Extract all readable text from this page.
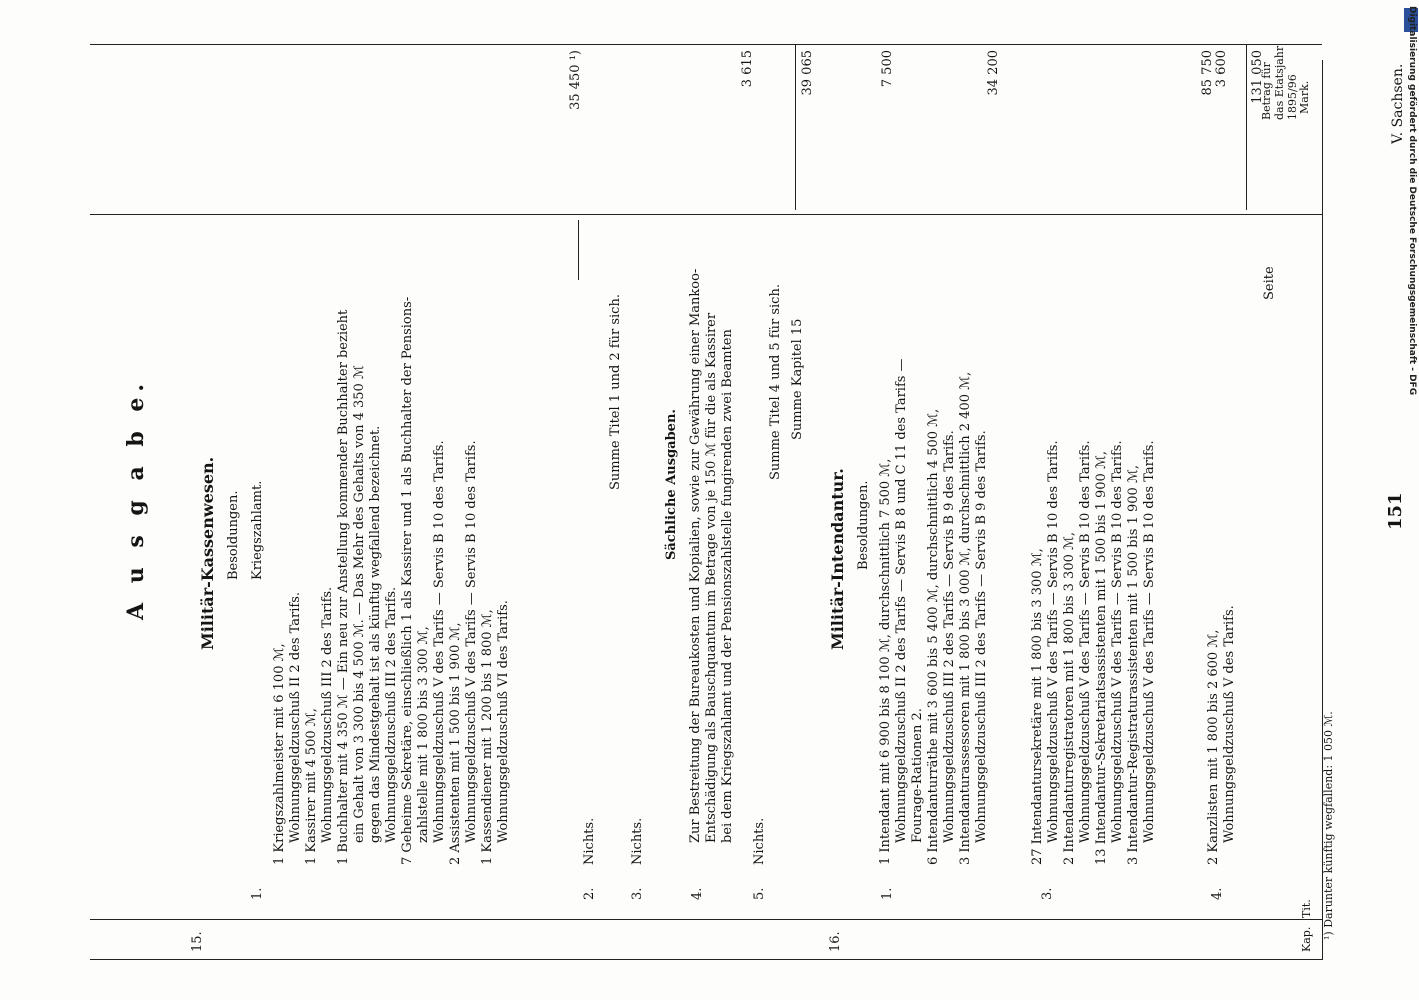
151
V. Sachsen.
Kap.
Tit.
Betrag für das Etatsjahr 1895/96 Mark.
A u s g a b e.
15.
Militär-Kassenwesen. Besoldungen. Kriegszahlamt.
1.
1 Kriegszahlmeister mit 6 100 ℳ, Wohnungsgeldzuschuß II 2 des Tarifs. 1 Kassirer mit 4 500 ℳ, Wohnungsgeldzuschuß III 2 des Tarifs. 1 Buchhalter mit 4 350 ℳ — Ein neu zur Anstellung kommender Buchhalter bezieht ein Gehalt von 3 300 bis 4 500 ℳ. — Das Mehr des Gehalts von 4 350 ℳ gegen das Mindestgehalt ist als künftig wegfallend bezeichnet. Wohnungsgeldzuschuß III 2 des Tarifs. 7 Geheime Sekretäre, einschließlich 1 als Kassirer und 1 als Buchhalter der Pensions- zahlstelle mit 1 800 bis 3 300 ℳ, Wohnungsgeldzuschuß V des Tarifs — Servis B 10 des Tarifs. 2 Assistenten mit 1 500 bis 1 900 ℳ, Wohnungsgeldzuschuß V des Tarifs — Servis B 10 des Tarifs. 1 Kassendiener mit 1 200 bis 1 800 ℳ, Wohnungsgeldzuschuß VI des Tarifs.
35 450 ¹)
2.
Nichts.
Summe Titel 1 und 2 für sich.
3.
Nichts.
Sächliche Ausgaben.
4.
Zur Bestreitung der Bureaukosten und Kopialien, sowie zur Gewährung einer Mankoo- Entschädigung als Bauschquantum im Betrage von je 150 ℳ für die als Kassirer bei dem Kriegszahlamt und der Pensionszahlstelle fungirenden zwei Beamten
3 615
5.
Nichts.
Summe Titel 4 und 5 für sich. Summe Kapitel 15
39 065
16.
Militär-Intendantur. Besoldungen.
1.
1 Intendant mit 6 900 bis 8 100 ℳ, durchschnittlich 7 500 ℳ, Wohnungsgeldzuschuß II 2 des Tarifs — Servis B 8 und C 11 des Tarifs — Fourage-Rationen 2. 6 Intendanturräthe mit 3 600 bis 5 400 ℳ, durchschnittlich 4 500 ℳ, Wohnungsgeldzuschuß III 2 des Tarifs — Servis B 9 des Tarifs. 3 Intendanturassessoren mit 1 800 bis 3 000 ℳ, durchschnittlich 2 400 ℳ, Wohnungsgeldzuschuß III 2 des Tarifs — Servis B 9 des Tarifs.
7 500	34 200
3.
27 Intendantursekretäre mit 1 800 bis 3 300 ℳ, Wohnungsgeldzuschuß V des Tarifs — Servis B 10 des Tarifs. 2 Intendanturregistratoren mit 1 800 bis 3 300 ℳ, Wohnungsgeldzuschuß V des Tarifs — Servis B 10 des Tarifs. 13 Intendantur-Sekretariatsassistenten mit 1 500 bis 1 900 ℳ, Wohnungsgeldzuschuß V des Tarifs — Servis B 10 des Tarifs. 3 Intendantur-Registraturassistenten mit 1 500 bis 1 900 ℳ, Wohnungsgeldzuschuß V des Tarifs — Servis B 10 des Tarifs.
85 750 3 600
4.
2 Kanzlisten mit 1 800 bis 2 600 ℳ, Wohnungsgeldzuschuß V des Tarifs.
Seite
131 050
¹) Darunter künftig wegfallend: 1 050 ℳ.
Digitalisierung gefördert durch die Deutsche Forschungsgemeinschaft - DFG
